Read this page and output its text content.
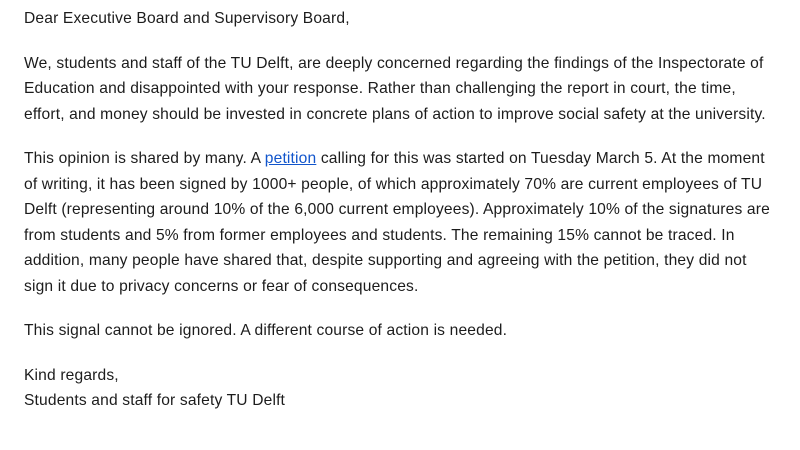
Dear Executive Board and Supervisory Board,

We, students and staff of the TU Delft, are deeply concerned regarding the findings of the Inspectorate of Education and disappointed with your response. Rather than challenging the report in court, the time, effort, and money should be invested in concrete plans of action to improve social safety at the university.

This opinion is shared by many. A petition calling for this was started on Tuesday March 5. At the moment of writing, it has been signed by 1000+ people, of which approximately 70% are current employees of TU Delft (representing around 10% of the 6,000 current employees). Approximately 10% of the signatures are from students and 5% from former employees and students. The remaining 15% cannot be traced. In addition, many people have shared that, despite supporting and agreeing with the petition, they did not sign it due to privacy concerns or fear of consequences.

This signal cannot be ignored. A different course of action is needed.

Kind regards,

Students and staff for safety TU Delft
